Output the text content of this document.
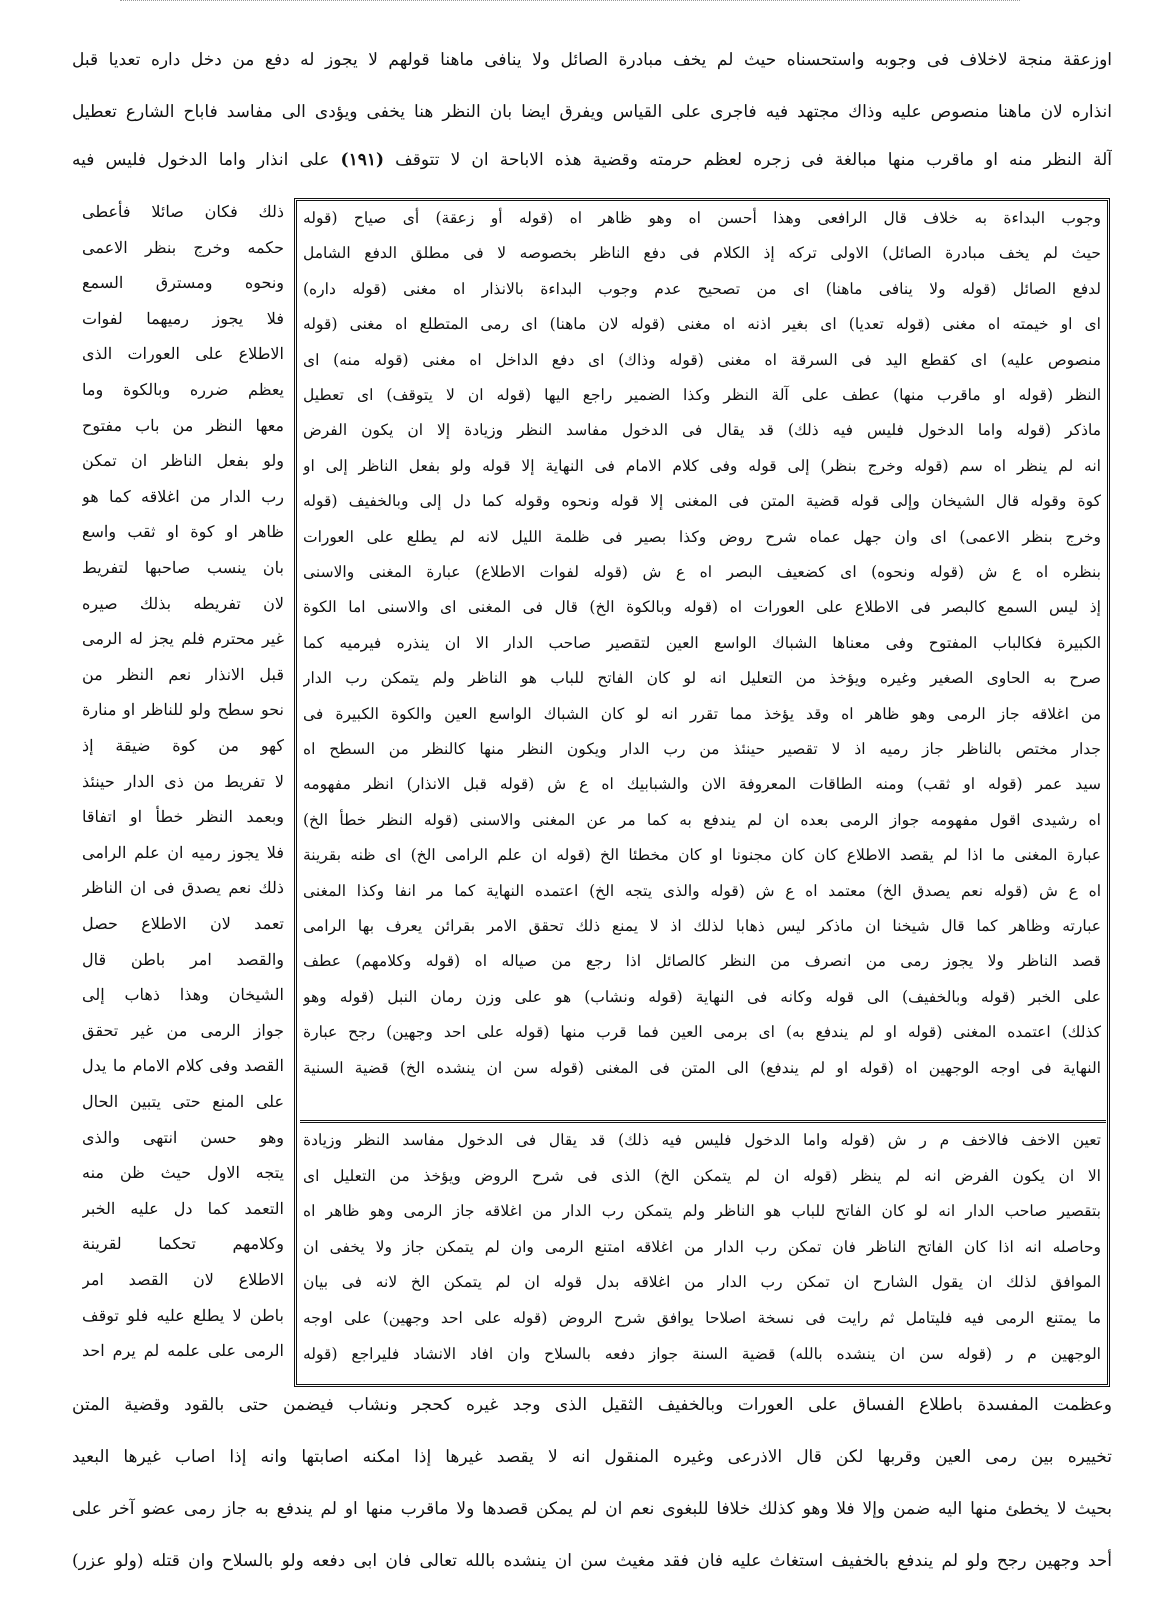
اوزعقة منجة لاخلاف فى وجوبه واستحسناه حيث لم يخف مبادرة الصائل ولا ينافى ماهنا قولهم لا يجوز له دفع من دخل داره تعديا قبل
انذاره لان ماهنا منصوص عليه وذاك مجتهد فيه فاجرى على القياس ويفرق ايضا بان النظر هنا يخفى ويؤدى الى مفاسد فاباح الشارع تعطيل
آلة النظر منه او ماقرب منها مبالغة فى زجره لعظم حرمته وقضية هذه الاباحة ان لا تتوقف (١٩١) على انذار واما الدخول فليس فيه
ذلك فكان صائلا فأعطى
حكمه وخرج بنظر الاعمى
ونحوه ومسترق السمع
فلا يجوز رميهما لفوات
الاطلاع على العورات الذى
يعظم ضرره وبالكوة وما
معها النظر من باب مفتوح
ولو بفعل الناظر ان تمكن
رب الدار من اغلاقه كما هو
ظاهر او كوة او ثقب واسع
بان ينسب صاحبها لتفريط
لان تفريطه بذلك صيره
غير محترم فلم يجز له الرمى
قبل الانذار نعم النظر من
نحو سطح ولو للناظر او منارة
كهو من كوة ضيقة إذ
لا تفريط من ذى الدار حينئذ
وبعمد النظر خطأ او اتفاقا
فلا يجوز رميه ان علم الرامى
ذلك نعم يصدق فى ان الناظر
تعمد لان الاطلاع حصل
والقصد امر باطن قال
الشيخان وهذا ذهاب إلى
جواز الرمى من غير تحقق
القصد وفى كلام الامام ما يدل
على المنع حتى يتبين الحال
وهو حسن انتهى والذى
يتجه الاول حيث ظن منه
التعمد كما دل عليه الخبر
وكلامهم تحكما لقرينة
الاطلاع لان القصد امر
باطن لا يطلع عليه فلو توقف
الرمى على علمه لم يرم احد
وجوب البداءة به خلاف قال الرافعى وهذا أحسن اه وهو ظاهر اه (قوله أو زعقة) أى صياح (قوله
حيث لم يخف مبادرة الصائل) الاولى تركه إذ الكلام فى دفع الناظر بخصوصه لا فى مطلق الدفع الشامل
لدفع الصائل (قوله ولا ينافى ماهنا) اى من تصحيح عدم وجوب البداءة بالانذار اه مغنى (قوله داره)
اى او خيمته اه مغنى (قوله تعديا) اى بغير اذنه اه مغنى (قوله لان ماهنا) اى رمى المتطلع اه مغنى (قوله
منصوص عليه) اى كقطع اليد فى السرقة اه مغنى (قوله وذاك) اى دفع الداخل اه مغنى (قوله منه) اى
النظر (قوله او ماقرب منها) عطف على آلة النظر وكذا الضمير راجع اليها (قوله ان لا يتوقف) اى تعطيل
ماذكر (قوله واما الدخول فليس فيه ذلك) قد يقال فى الدخول مفاسد النظر وزيادة إلا ان يكون الفرض
انه لم ينظر اه سم (قوله وخرج بنظر) إلى قوله وفى كلام الامام فى النهاية إلا قوله ولو بفعل الناظر إلى او
كوة وقوله قال الشيخان وإلى قوله قضية المتن فى المغنى إلا قوله ونحوه وقوله كما دل إلى وبالخفيف (قوله
وخرج بنظر الاعمى) اى وان جهل عماه شرح روض وكذا بصير فى ظلمة الليل لانه لم يطلع على العورات
بنظره اه ع ش (قوله ونحوه) اى كضعيف البصر اه ع ش (قوله لفوات الاطلاع) عبارة المغنى والاسنى
إذ ليس السمع كالبصر فى الاطلاع على العورات اه (قوله وبالكوة الخ) قال فى المغنى اى والاسنى اما الكوة
الكبيرة فكالباب المفتوح وفى معناها الشباك الواسع العين لتقصير صاحب الدار الا ان ينذره فيرميه كما
صرح به الحاوى الصغير وغيره ويؤخذ من التعليل انه لو كان الفاتح للباب هو الناظر ولم يتمكن رب الدار
من اغلاقه جاز الرمى وهو ظاهر اه وقد يؤخذ مما تقرر انه لو كان الشباك الواسع العين والكوة الكبيرة فى
جدار مختص بالناظر جاز رميه اذ لا تقصير حينئذ من رب الدار ويكون النظر منها كالنظر من السطح اه
سيد عمر (قوله او ثقب) ومنه الطاقات المعروفة الان والشبابيك اه ع ش (قوله قبل الانذار) انظر مفهومه
اه رشيدى اقول مفهومه جواز الرمى بعده ان لم يندفع به كما مر عن المغنى والاسنى (قوله النظر خطأ الخ)
عبارة المغنى ما اذا لم يقصد الاطلاع كان كان مجنونا او كان مخطئا الخ (قوله ان علم الرامى الخ) اى ظنه بقرينة
اه ع ش (قوله نعم يصدق الخ) معتمد اه ع ش (قوله والذى يتجه الخ) اعتمده النهاية كما مر انفا وكذا المغنى
عبارته وظاهر كما قال شيخنا ان ماذكر ليس ذهابا لذلك اذ لا يمنع ذلك تحقق الامر بقرائن يعرف بها الرامى
قصد الناظر ولا يجوز رمى من انصرف من النظر كالصائل اذا رجع من صياله اه (قوله وكلامهم) عطف
على الخبر (قوله وبالخفيف) الى قوله وكانه فى النهاية (قوله ونشاب) هو على وزن رمان النبل (قوله وهو
كذلك) اعتمده المغنى (قوله او لم يندفع به) اى برمى العين فما قرب منها (قوله على احد وجهين) رجح عبارة
النهاية فى اوجه الوجهين اه (قوله او لم يندفع) الى المتن فى المغنى (قوله سن ان ينشده الخ) قضية السنية
تعين الاخف فالاخف م ر ش (قوله واما الدخول فليس فيه ذلك) قد يقال فى الدخول مفاسد النظر وزيادة
الا ان يكون الفرض انه لم ينظر (قوله ان لم يتمكن الخ) الذى فى شرح الروض ويؤخذ من التعليل اى
بتقصير صاحب الدار انه لو كان الفاتح للباب هو الناظر ولم يتمكن رب الدار من اغلاقه جاز الرمى وهو ظاهر اه
وحاصله انه اذا كان الفاتح الناظر فان تمكن رب الدار من اغلاقه امتنع الرمى وان لم يتمكن جاز ولا يخفى ان
الموافق لذلك ان يقول الشارح ان تمكن رب الدار من اغلاقه بدل قوله ان لم يتمكن الخ لانه فى بيان
ما يمتنع الرمى فيه فليتامل ثم رايت فى نسخة اصلاحا يوافق شرح الروض (قوله على احد وجهين) على اوجه
الوجهين م ر (قوله سن ان ينشده بالله) قضية السنة جواز دفعه بالسلاح وان افاد الانشاد فليراجع (قوله
وعظمت المفسدة باطلاع الفساق على العورات وبالخفيف الثقيل الذى وجد غيره كحجر ونشاب فيضمن حتى بالقود وقضية المتن
تخييره بين رمى العين وقربها لكن قال الاذرعى وغيره المنقول انه لا يقصد غيرها إذا امكنه اصابتها وانه إذا اصاب غيرها البعيد
بحيث لا يخطئ منها اليه ضمن وإلا فلا وهو كذلك خلافا للبغوى نعم ان لم يمكن قصدها ولا ماقرب منها او لم يندفع به جاز رمى عضو آخر على
أحد وجهين رجح ولو لم يندفع بالخفيف استغاث عليه فان فقد مغيث سن ان ينشده بالله تعالى فان ابى دفعه ولو بالسلاح وان قتله (ولو عزر)
